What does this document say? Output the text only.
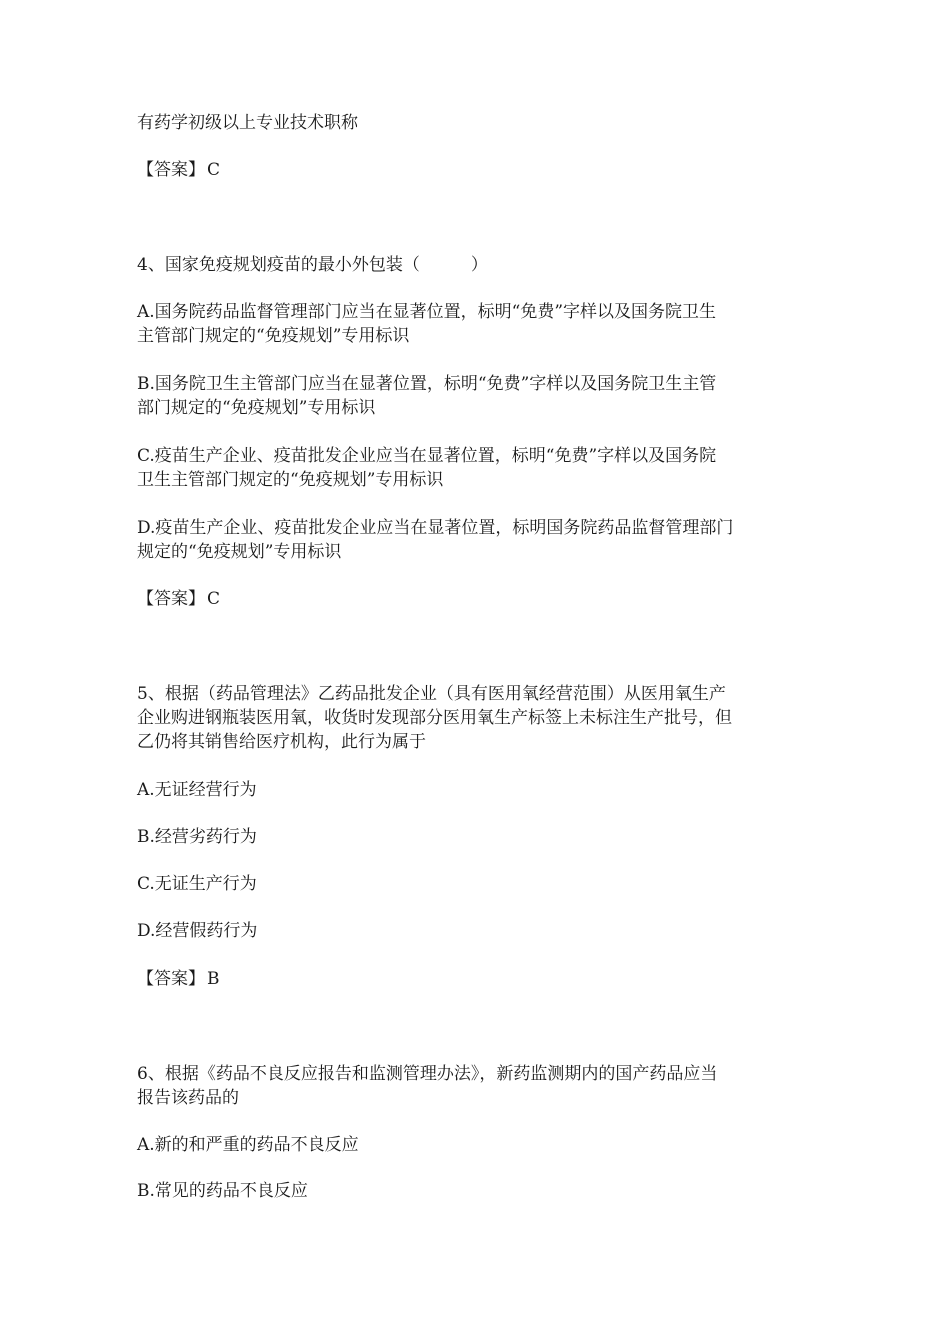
有药学初级以上专业技术职称
【答案】 C
4、国家免疫规划疫苗的最小外包装（　　　）
A.国务院药品监督管理部门应当在显著位置，标明“免费”字样以及国务院卫生
主管部门规定的“免疫规划”专用标识
B.国务院卫生主管部门应当在显著位置，标明“免费”字样以及国务院卫生主管
部门规定的“免疫规划”专用标识
C.疫苗生产企业、疫苗批发企业应当在显著位置，标明“免费”字样以及国务院
卫生主管部门规定的“免疫规划”专用标识
D.疫苗生产企业、疫苗批发企业应当在显著位置，标明国务院药品监督管理部门
规定的“免疫规划”专用标识
【答案】 C
5、根据（药品管理法》乙药品批发企业（具有医用氧经营范围）从医用氧生产
企业购进钢瓶装医用氧，收货时发现部分医用氧生产标签上未标注生产批号，但
乙仍将其销售给医疗机构，此行为属于
A.无证经营行为
B.经营劣药行为
C.无证生产行为
D.经营假药行为
【答案】 B
6、根据《药品不良反应报告和监测管理办法》，新药监测期内的国产药品应当
报告该药品的
A.新的和严重的药品不良反应
B.常见的药品不良反应
